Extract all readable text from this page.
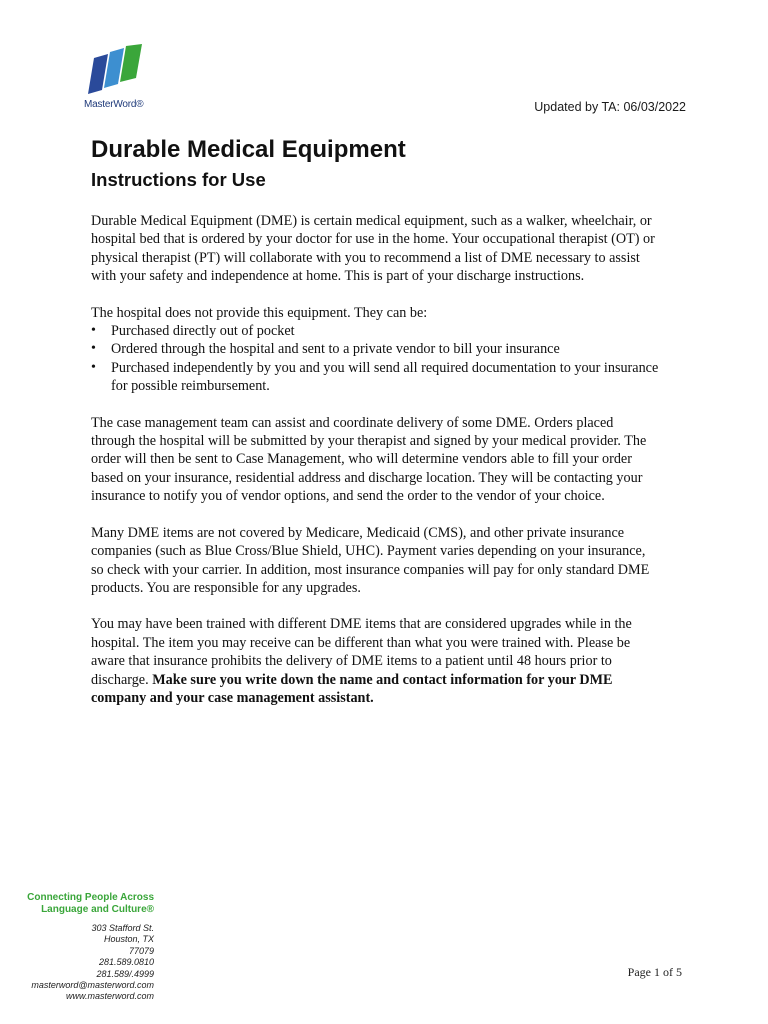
MasterWord®	Updated by TA: 06/03/2022
Durable Medical Equipment
Instructions for Use

Durable Medical Equipment (DME) is certain medical equipment, such as a walker, wheelchair, or hospital bed that is ordered by your doctor for use in the home. Your occupational therapist (OT) or physical therapist (PT) will collaborate with you to recommend a list of DME necessary to assist with your safety and independence at home. This is part of your discharge instructions.

The hospital does not provide this equipment. They can be:

• Purchased directly out of pocket
• Ordered through the hospital and sent to a private vendor to bill your insurance
• Purchased independently by you and you will send all required documentation to your insurance for possible reimbursement.

The case management team can assist and coordinate delivery of some DME. Orders placed through the hospital will be submitted by your therapist and signed by your medical provider. The order will then be sent to Case Management, who will determine vendors able to fill your order based on your insurance, residential address and discharge location. They will be contacting your insurance to notify you of vendor options, and send the order to the vendor of your choice.

Many DME items are not covered by Medicare, Medicaid (CMS), and other private insurance companies (such as Blue Cross/Blue Shield, UHC). Payment varies depending on your insurance, so check with your carrier. In addition, most insurance companies will pay for only standard DME products. You are responsible for any upgrades.

You may have been trained with different DME items that are considered upgrades while in the hospital. The item you may receive can be different than what you were trained with. Please be aware that insurance prohibits the delivery of DME items to a patient until 48 hours prior to discharge. Make sure you write down the name and contact information for your DME company and your case management assistant.

Connecting People Across
Language and Culture®
303 Stafford St.
Houston, TX
77079
281.589.0810
281.589/.4999
masterword@masterword.com
www.masterword.com
Page 1 of 5
